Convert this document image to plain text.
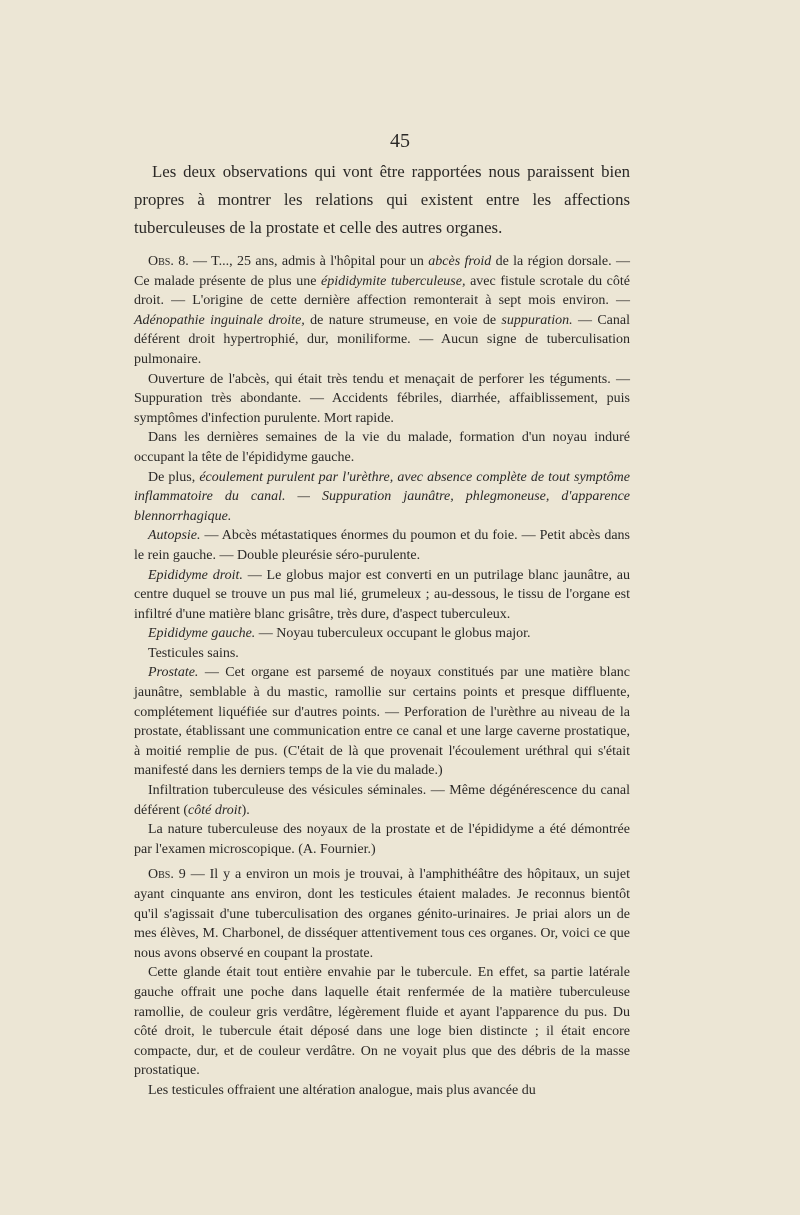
45

Les deux observations qui vont être rapportées nous paraissent bien propres à montrer les relations qui existent entre les affections tuberculeuses de la prostate et celle des autres organes.

Obs. 8. — T..., 25 ans, admis à l'hôpital pour un abcès froid de la région dorsale. — Ce malade présente de plus une épididymite tuberculeuse, avec fistule scrotale du côté droit. — L'origine de cette dernière affection remonterait à sept mois environ. — Adénopathie inguinale droite, de nature strumeuse, en voie de suppuration. — Canal déférent droit hypertrophié, dur, moniliforme. — Aucun signe de tuberculisation pulmonaire.

Ouverture de l'abcès, qui était très tendu et menaçait de perforer les téguments. — Suppuration très abondante. — Accidents fébriles, diarrhée, affaiblissement, puis symptômes d'infection purulente. Mort rapide.

Dans les dernières semaines de la vie du malade, formation d'un noyau induré occupant la tête de l'épididyme gauche.

De plus, écoulement purulent par l'urèthre, avec absence complète de tout symptôme inflammatoire du canal. — Suppuration jaunâtre, phlegmoneuse, d'apparence blennorrhagique.

Autopsie. — Abcès métastatiques énormes du poumon et du foie. — Petit abcès dans le rein gauche. — Double pleurésie séro-purulente.

Epididyme droit. — Le globus major est converti en un putrilage blanc jaunâtre, au centre duquel se trouve un pus mal lié, grumeleux ; au-dessous, le tissu de l'organe est infiltré d'une matière blanc grisâtre, très dure, d'aspect tuberculeux.

Epididyme gauche. — Noyau tuberculeux occupant le globus major.

Testicules sains.

Prostate. — Cet organe est parsemé de noyaux constitués par une matière blanc jaunâtre, semblable à du mastic, ramollie sur certains points et presque diffluente, complétement liquéfiée sur d'autres points. — Perforation de l'urèthre au niveau de la prostate, établissant une communication entre ce canal et une large caverne prostatique, à moitié remplie de pus. (C'était de là que provenait l'écoulement uréthral qui s'était manifesté dans les derniers temps de la vie du malade.)

Infiltration tuberculeuse des vésicules séminales. — Même dégénérescence du canal déférent (côté droit).

La nature tuberculeuse des noyaux de la prostate et de l'épididyme a été démontrée par l'examen microscopique. (A. Fournier.)

Obs. 9 — Il y a environ un mois je trouvai, à l'amphithéâtre des hôpitaux, un sujet ayant cinquante ans environ, dont les testicules étaient malades. Je reconnus bientôt qu'il s'agissait d'une tuberculisation des organes génito-urinaires. Je priai alors un de mes élèves, M. Charbonel, de disséquer attentivement tous ces organes. Or, voici ce que nous avons observé en coupant la prostate.

Cette glande était tout entière envahie par le tubercule. En effet, sa partie latérale gauche offrait une poche dans laquelle était renfermée de la matière tuberculeuse ramollie, de couleur gris verdâtre, légèrement fluide et ayant l'apparence du pus. Du côté droit, le tubercule était déposé dans une loge bien distincte ; il était encore compacte, dur, et de couleur verdâtre. On ne voyait plus que des débris de la masse prostatique.

Les testicules offraient une altération analogue, mais plus avancée du
